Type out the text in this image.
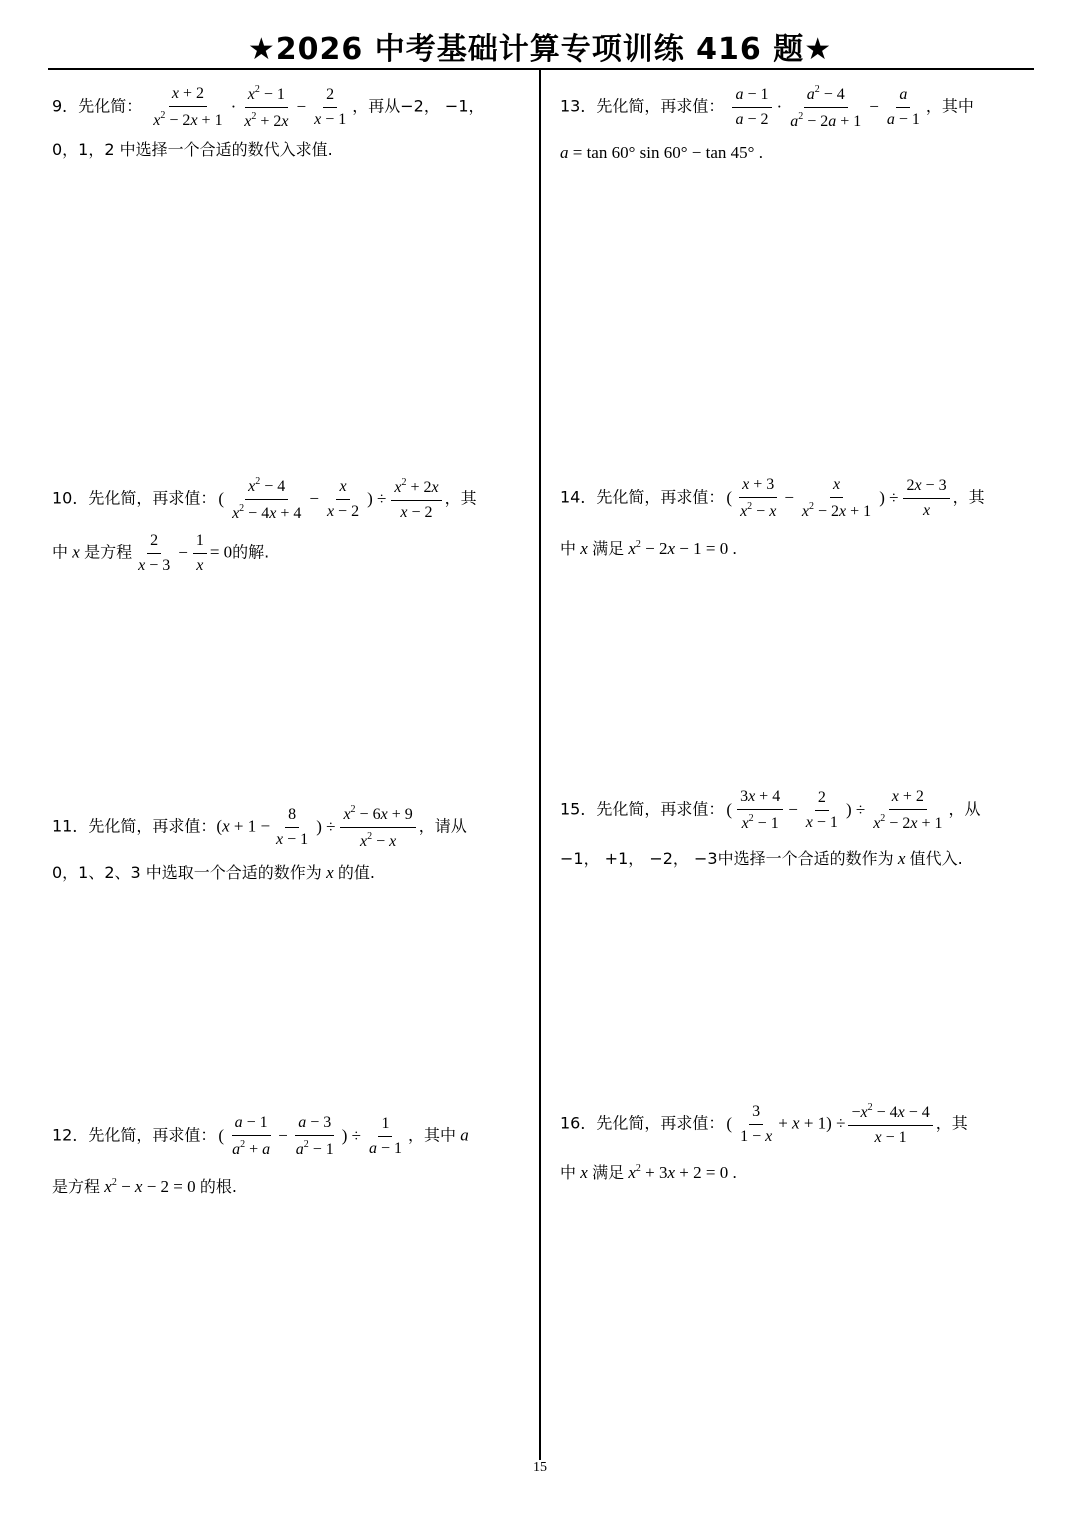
★2026 中考基础计算专项训练 416 题★
9．先化简： $\frac{x + 2}{x^2 - 2x + 1} \cdot \frac{x^2 - 1}{x^2 + 2x} - \frac{2}{x - 1}$ ，再从−2， −1，
0，1，2 中选择一个合适的数代入求值.
13．先化简，再求值： $\frac{a - 1}{a - 2} \cdot \frac{a^2 - 4}{a^2 - 2a + 1} - \frac{a}{a - 1}$ ，其中
a = tan 60° sin 60° − tan 45° .
10．先化简，再求值： ( $\frac{x^2 - 4}{x^2 - 4x + 4} - \frac{x}{x - 2}$ ) ÷ $\frac{x^2 + 2x}{x - 2}$ ，其
中 x 是方程 $\frac{2}{x - 3} - \frac{1}{x} = 0$的解.
14．先化简，再求值： ( $\frac{x + 3}{x^2 - x} - \frac{x}{x^2 - 2x + 1}$ ) ÷ $\frac{2x - 3}{x}$ ，其
中 x 满足 $x^2 - 2x - 1 = 0$ .
11．先化简，再求值：($x + 1 - \frac{8}{x - 1}$ ) ÷ $\frac{x^2 - 6x + 9}{x^2 - x}$ ，请从
0，1、2、3 中选取一个合适的数作为 x 的值.
15．先化简，再求值： ( $\frac{3x + 4}{x^2 - 1} - \frac{2}{x - 1}$ ) ÷ $\frac{x + 2}{x^2 - 2x + 1}$ ，从
−1， +1， −2， −3中选择一个合适的数作为 x 值代入.
12．先化简，再求值： ( $\frac{a - 1}{a^2 + a} - \frac{a - 3}{a^2 - 1}$ ) ÷ $\frac{1}{a - 1}$ ，其中 a
是方程 $x^2 - x - 2 = 0$ 的根.
16．先化简，再求值： ( $\frac{3}{1 - x} + x + 1) \div \frac{-x^2 - 4x - 4}{x - 1}$ ，其
中 x 满足 $x^2 + 3x + 2 = 0$ .
15
